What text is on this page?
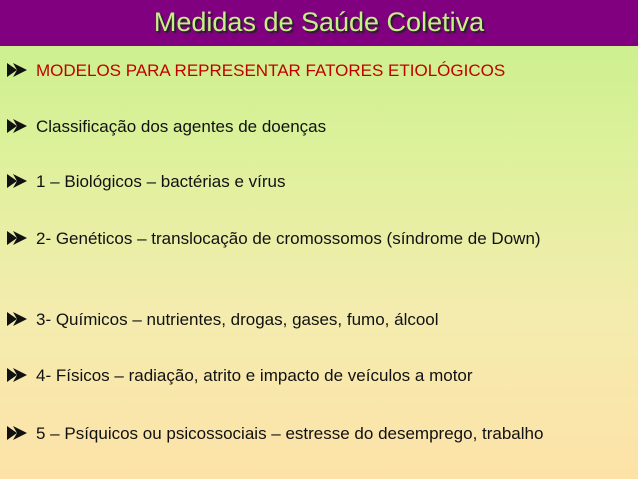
Medidas de Saúde Coletiva
MODELOS PARA REPRESENTAR FATORES ETIOLÓGICOS
Classificação dos agentes de doenças
1 – Biológicos – bactérias e vírus
2- Genéticos – translocação de cromossomos (síndrome de Down)
3- Químicos – nutrientes, drogas, gases, fumo, álcool
4- Físicos – radiação, atrito e impacto de veículos a motor
5 – Psíquicos ou psicossociais – estresse do desemprego, trabalho
